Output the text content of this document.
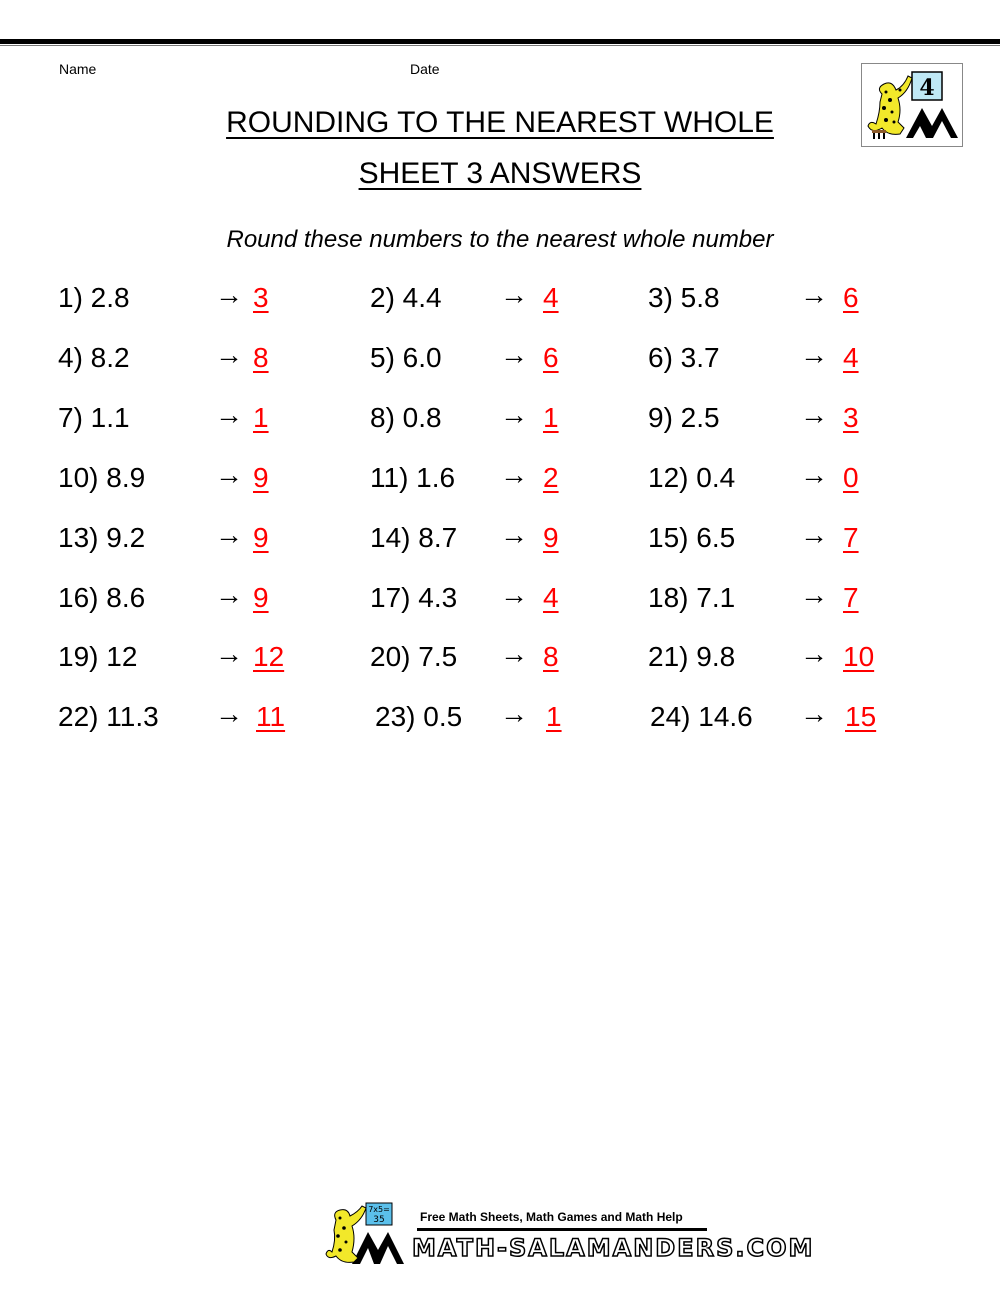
Name	Date
4
ROUNDING TO THE NEAREST WHOLE
SHEET 3 ANSWERS
Round these numbers to the nearest whole number
1) 2.8	→ 3	2) 4.4 → 4	3) 5.8	→ 6
4) 8.2	→ 8	5) 6.0 → 6	6) 3.7	→ 4
7) 1.1	→ 1	8) 0.8 → 1	9) 2.5	→ 3
10) 8.9 → 9	11) 1.6 → 2	12) 0.4 → 0
13) 9.2 → 9	14) 8.7 → 9	15) 6.5 → 7
16) 8.6 → 9	17) 4.3 → 4	18) 7.1 → 7
19) 12	→ 12	20) 7.5 → 8	21) 9.8 → 10
22) 11.3 → 11	23) 0.5 → 1	24) 14.6 → 15
7x5=
35	Free Math Sheets, Math Games and Math Help
MATH-SALAMANDERS.COM
